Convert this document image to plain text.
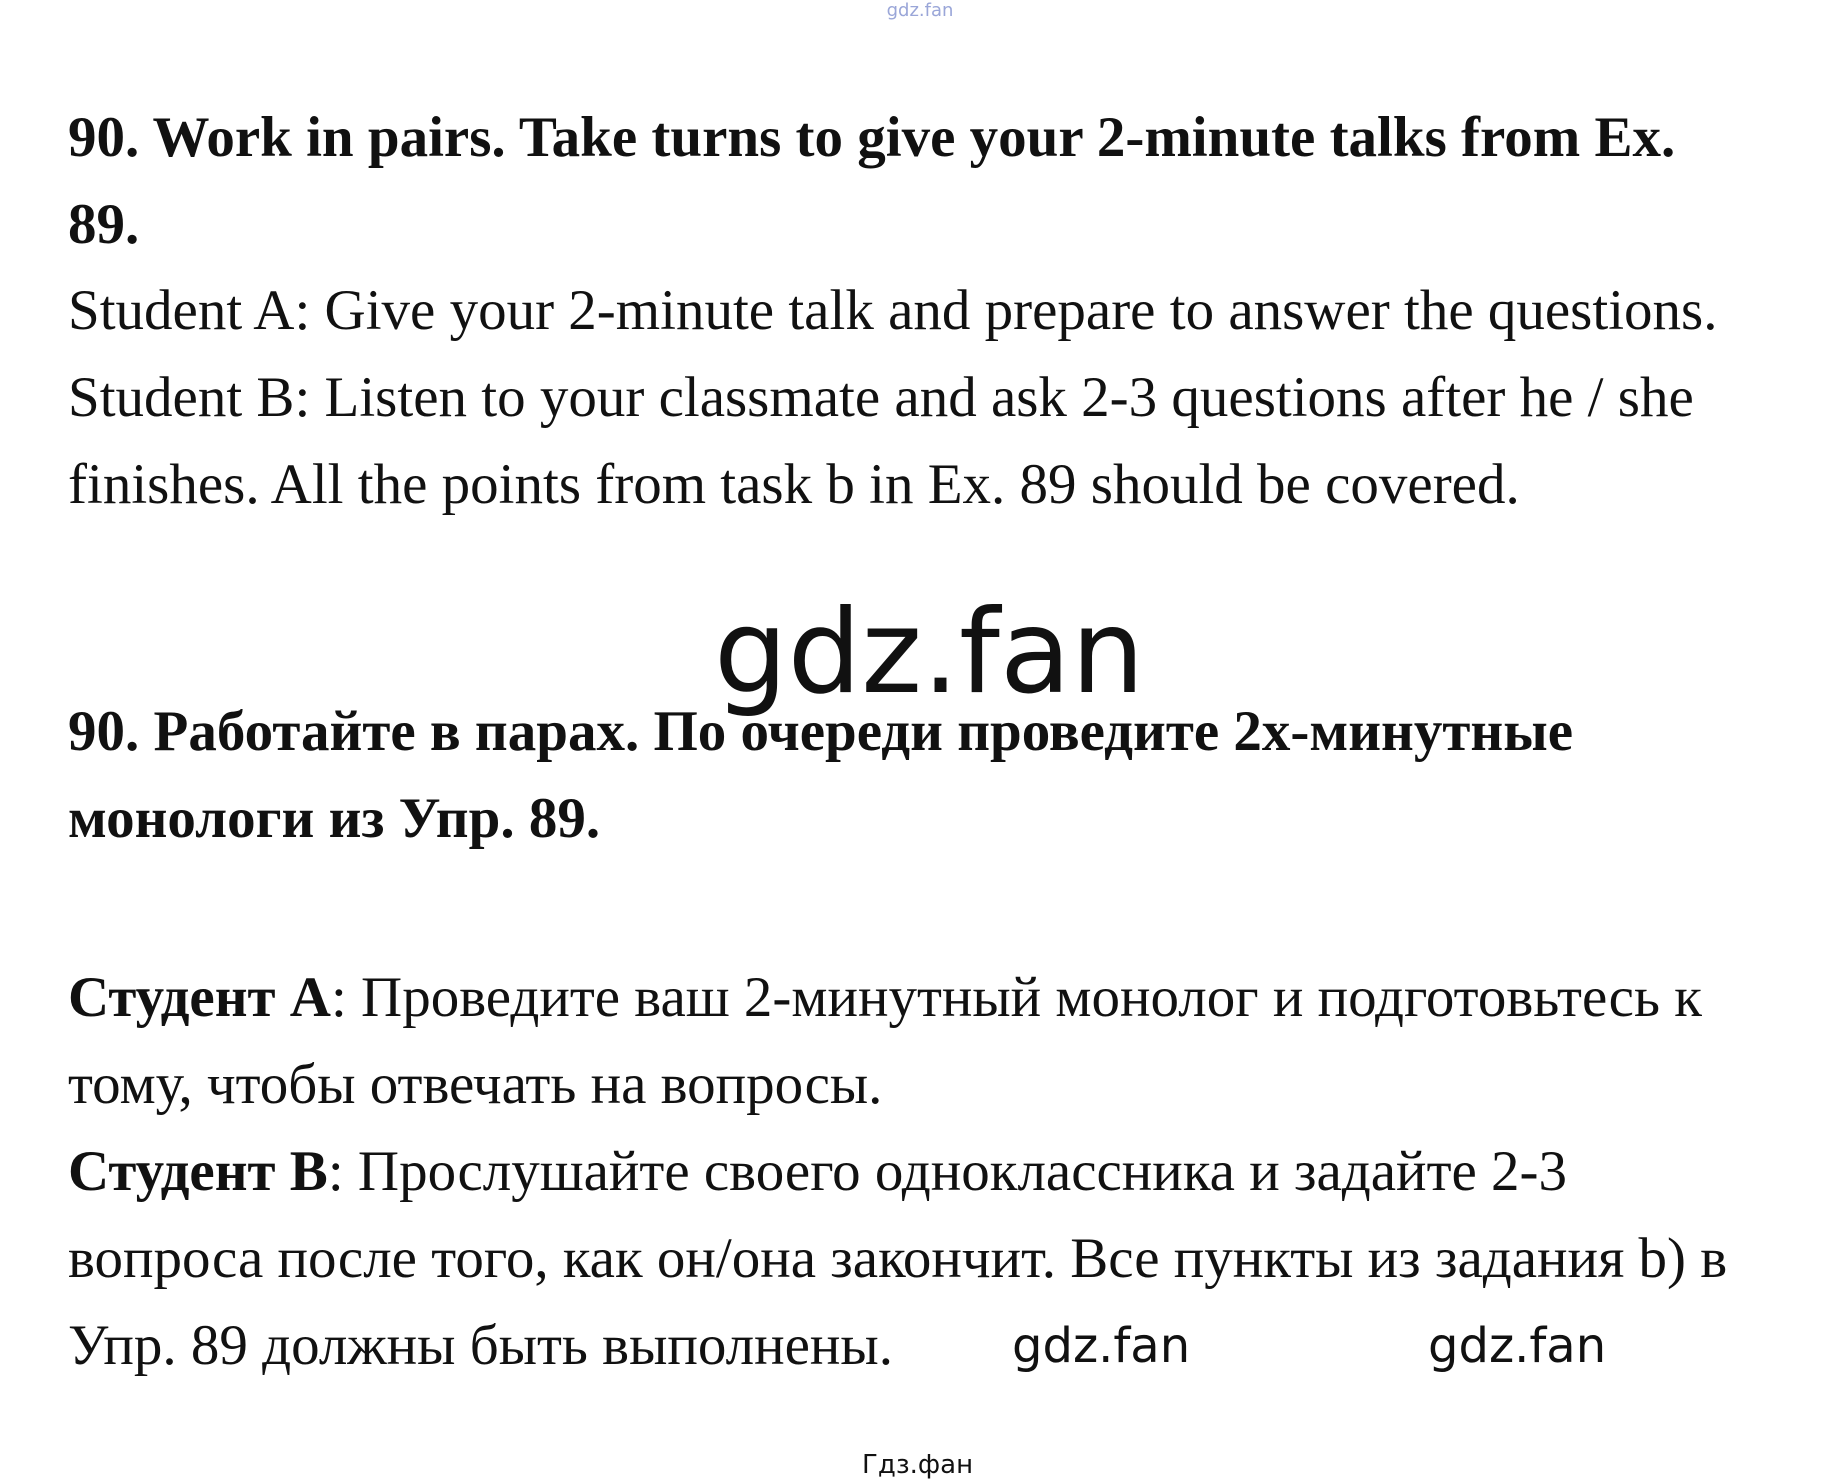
gdz.fan
90. Work in pairs. Take turns to give your 2-minute talks from Ex.
89.
Student A: Give your 2-minute talk and prepare to answer the questions.
Student B: Listen to your classmate and ask 2-3 questions after he / she
finishes. All the points from task b in Ex. 89 should be covered.
gdz.fan
90. Работайте в парах. По очереди проведите 2х-минутные
монологи из Упр. 89.
Студент А: Проведите ваш 2-минутный монолог и подготовьтесь к
тому, чтобы отвечать на вопросы.
Студент В: Прослушайте своего одноклассника и задайте 2-3
вопроса после того, как он/она закончит. Все пункты из задания b) в
Упр. 89 должны быть выполнены.	gdz.fan	gdz.fan
Гдз.фан
